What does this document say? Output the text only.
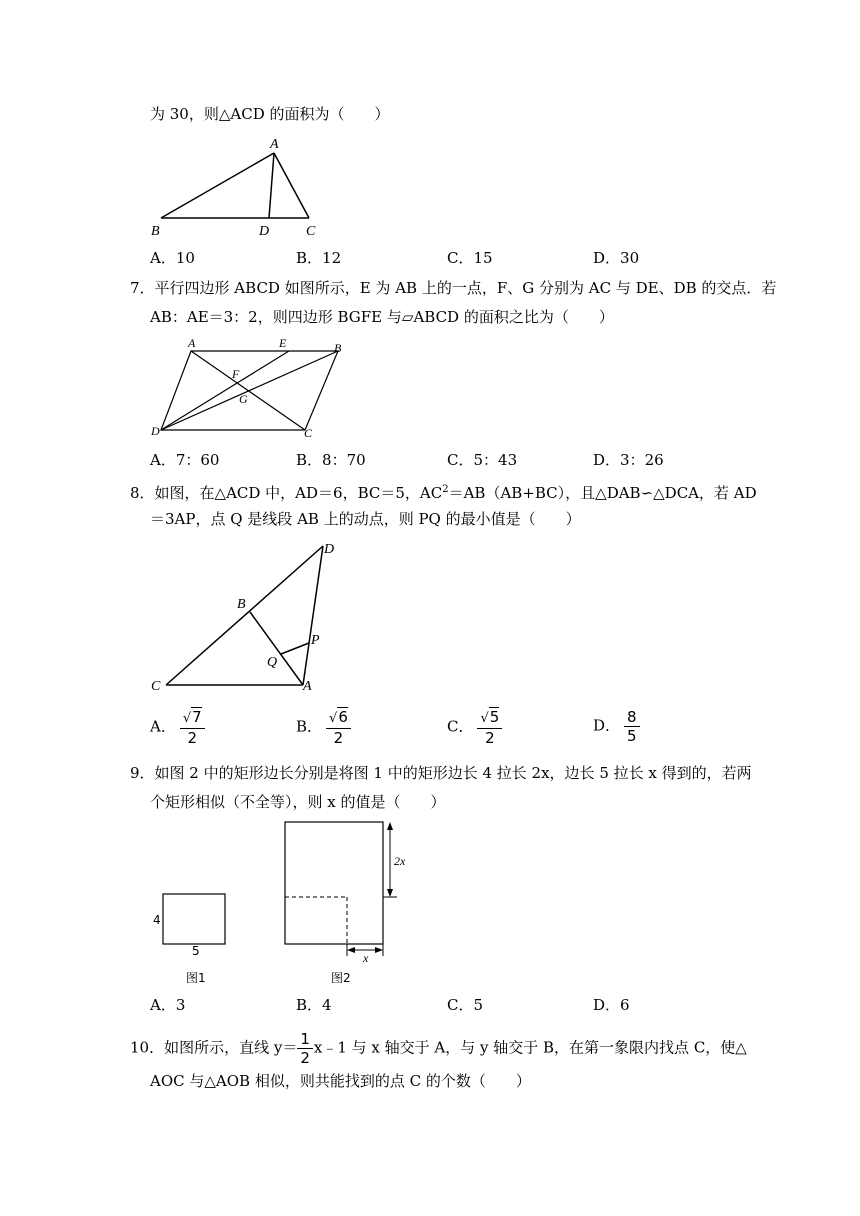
为 30，则△ACD 的面积为（　　）
A
B	D	C
A．10	B．12	C．15	D．30
7．平行四边形 ABCD 如图所示，E 为 AB 上的一点，F、G 分别为 AC 与 DE、DB 的交点．若
AB：AE＝3：2，则四边形 BGFE 与▱ABCD 的面积之比为（　　）
A	E	B
F
G
D	C
A．7：60	B．8：70	C．5：43	D．3：26
8．如图，在△ACD 中，AD＝6，BC＝5，$AC^2=AB(AB+BC)$，且△DAB∽△DCA，若 AD
＝3AP，点 Q 是线段 AB 上的动点，则 PQ 的最小值是（　　）
D
B
P
Q
C	A
A． $\frac{√7}{2}$	B． $\frac{√6}{2}$	C． $\frac{√5}{2}$	D． $\frac{8}{5}$
9．如图 2 中的矩形边长分别是将图 1 中的矩形边长 4 拉长 2x，边长 5 拉长 x 得到的，若两
个矩形相似（不全等），则 x 的值是（　　）
4
5
图1
2x
x
图2
A．3	B．4	C．5	D．6
10．如图所示，直线 $y= \frac{1}{2}$ x﹣1 与 x 轴交于 A，与 y 轴交于 B，在第一象限内找点 C，使△
AOC 与△AOB 相似，则共能找到的点 C 的个数（　　）
